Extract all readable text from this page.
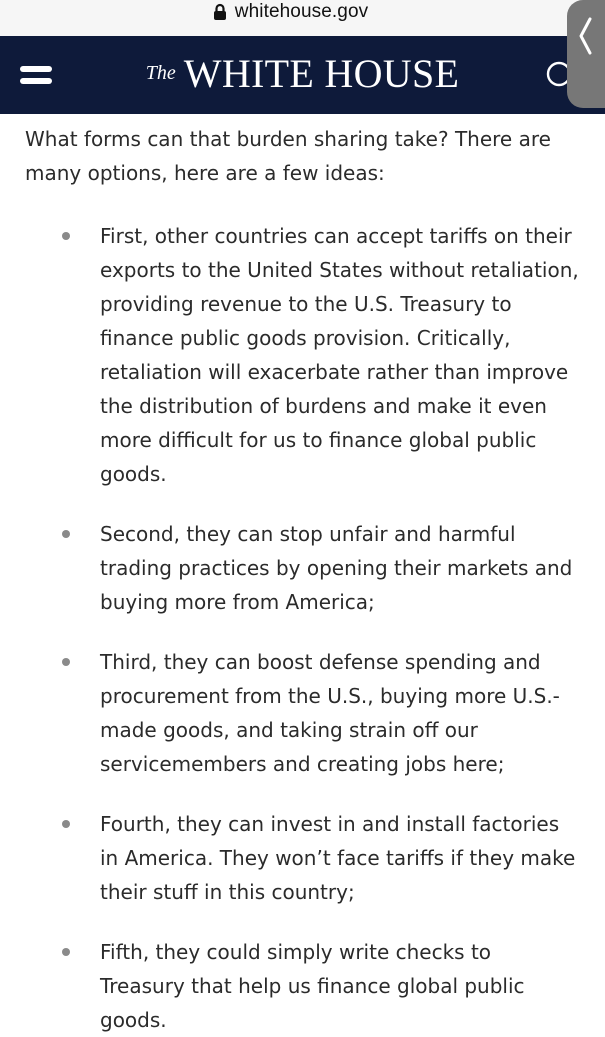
whitehouse.gov
The WHITE HOUSE

What forms can that burden sharing take? There are many options, here are a few ideas:

First, other countries can accept tariffs on their exports to the United States without retaliation, providing revenue to the U.S. Treasury to finance public goods provision. Critically, retaliation will exacerbate rather than improve the distribution of burdens and make it even more difficult for us to finance global public goods.
Second, they can stop unfair and harmful trading practices by opening their markets and buying more from America;
Third, they can boost defense spending and procurement from the U.S., buying more U.S.-made goods, and taking strain off our servicemembers and creating jobs here;
Fourth, they can invest in and install factories in America. They won’t face tariffs if they make their stuff in this country;
Fifth, they could simply write checks to Treasury that help us finance global public goods.
